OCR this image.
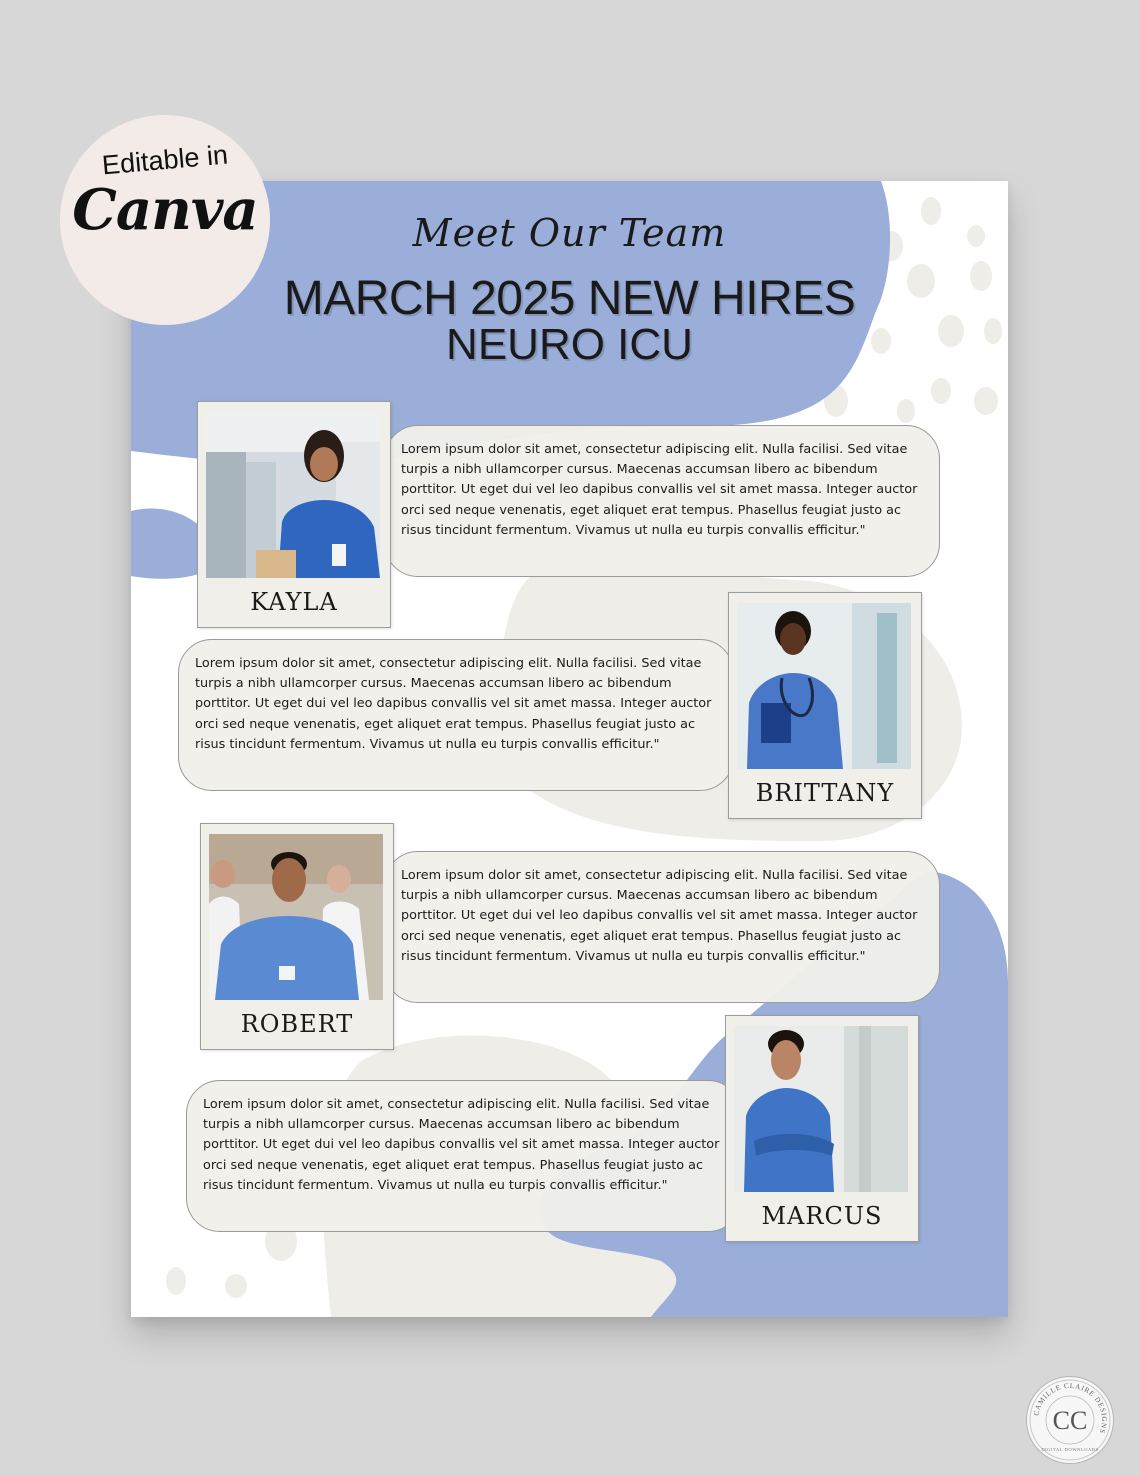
Meet Our Team
MARCH 2025 NEW HIRES
NEURO ICU
Lorem ipsum dolor sit amet, consectetur adipiscing elit. Nulla facilisi. Sed vitae turpis a nibh ullamcorper cursus. Maecenas accumsan libero ac bibendum porttitor. Ut eget dui vel leo dapibus convallis vel sit amet massa. Integer auctor orci sed neque venenatis, eget aliquet erat tempus. Phasellus feugiat justo ac risus tincidunt fermentum. Vivamus ut nulla eu turpis convallis efficitur."
KAYLA
Lorem ipsum dolor sit amet, consectetur adipiscing elit. Nulla facilisi. Sed vitae turpis a nibh ullamcorper cursus. Maecenas accumsan libero ac bibendum porttitor. Ut eget dui vel leo dapibus convallis vel sit amet massa. Integer auctor orci sed neque venenatis, eget aliquet erat tempus. Phasellus feugiat justo ac risus tincidunt fermentum. Vivamus ut nulla eu turpis convallis efficitur."
BRITTANY
Lorem ipsum dolor sit amet, consectetur adipiscing elit. Nulla facilisi. Sed vitae turpis a nibh ullamcorper cursus. Maecenas accumsan libero ac bibendum porttitor. Ut eget dui vel leo dapibus convallis vel sit amet massa. Integer auctor orci sed neque venenatis, eget aliquet erat tempus. Phasellus feugiat justo ac risus tincidunt fermentum. Vivamus ut nulla eu turpis convallis efficitur."
ROBERT
Lorem ipsum dolor sit amet, consectetur adipiscing elit. Nulla facilisi. Sed vitae turpis a nibh ullamcorper cursus. Maecenas accumsan libero ac bibendum porttitor. Ut eget dui vel leo dapibus convallis vel sit amet massa. Integer auctor orci sed neque venenatis, eget aliquet erat tempus. Phasellus feugiat justo ac risus tincidunt fermentum. Vivamus ut nulla eu turpis convallis efficitur."
MARCUS
Editable in
Canva
CAMILLE CLAIRE DESIGNS
CC
DIGITAL DOWNLOADS
